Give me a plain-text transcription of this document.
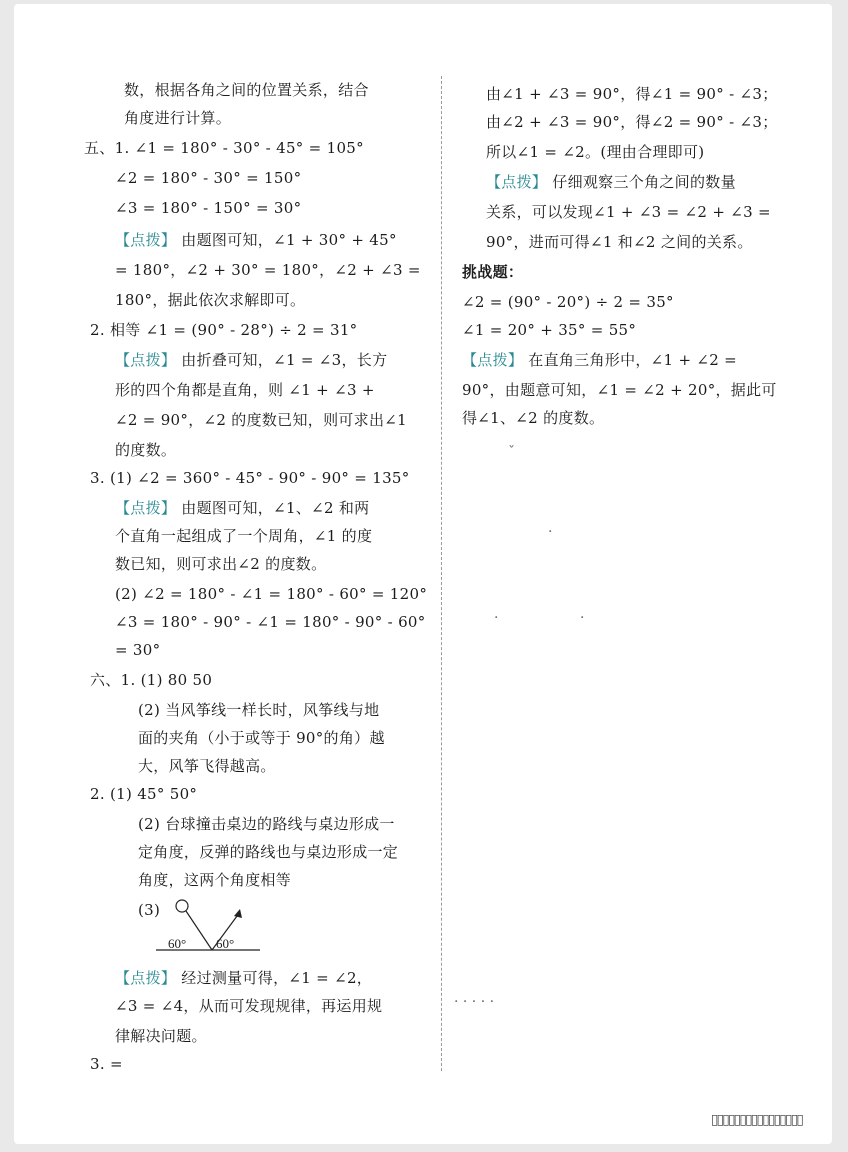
数，根据各角之间的位置关系，结合
角度进行计算。
五、1. ∠1 = 180° - 30° - 45° = 105°
∠2 = 180° - 30° = 150°
∠3 = 180° - 150° = 30°
【点拨】 由题图可知，∠1 + 30° + 45°
= 180°，∠2 + 30° = 180°，∠2 + ∠3 =
180°，据此依次求解即可。
2. 相等 ∠1 = (90° - 28°) ÷ 2 = 31°
【点拨】 由折叠可知，∠1 = ∠3，长方
形的四个角都是直角，则 ∠1 + ∠3 +
∠2 = 90°，∠2 的度数已知，则可求出∠1
的度数。
3. (1) ∠2 = 360° - 45° - 90° - 90° = 135°
【点拨】 由题图可知，∠1、∠2 和两
个直角一起组成了一个周角，∠1 的度
数已知，则可求出∠2 的度数。
(2) ∠2 = 180° - ∠1 = 180° - 60° = 120°
∠3 = 180° - 90° - ∠1 = 180° - 90° - 60°
= 30°
六、1. (1) 80 50
(2) 当风筝线一样长时，风筝线与地
面的夹角（小于或等于 90°的角）越
大，风筝飞得越高。
2. (1) 45° 50°
(2) 台球撞击桌边的路线与桌边形成一
定角度，反弹的路线也与桌边形成一定
角度，这两个角度相等
(3)
【点拨】 经过测量可得，∠1 = ∠2，
∠3 = ∠4，从而可发现规律，再运用规
律解决问题。
3. =
由∠1 + ∠3 = 90°，得∠1 = 90° - ∠3；
由∠2 + ∠3 = 90°，得∠2 = 90° - ∠3；
所以∠1 = ∠2。(理由合理即可)
【点拨】 仔细观察三个角之间的数量
关系，可以发现∠1 + ∠3 = ∠2 + ∠3 =
90°，进而可得∠1 和∠2 之间的关系。
挑战题：
∠2 = (90° - 20°) ÷ 2 = 35°
∠1 = 20° + 35° = 55°
【点拨】 在直角三角形中，∠1 + ∠2 =
90°，由题意可知，∠1 = ∠2 + 20°，据此可
得∠1、∠2 的度数。
60° 60°
ˇ
·
·	·
· · · · ·
▯▯▯▯▯▯▯▯▯▯▯▯▯▯▯▯
